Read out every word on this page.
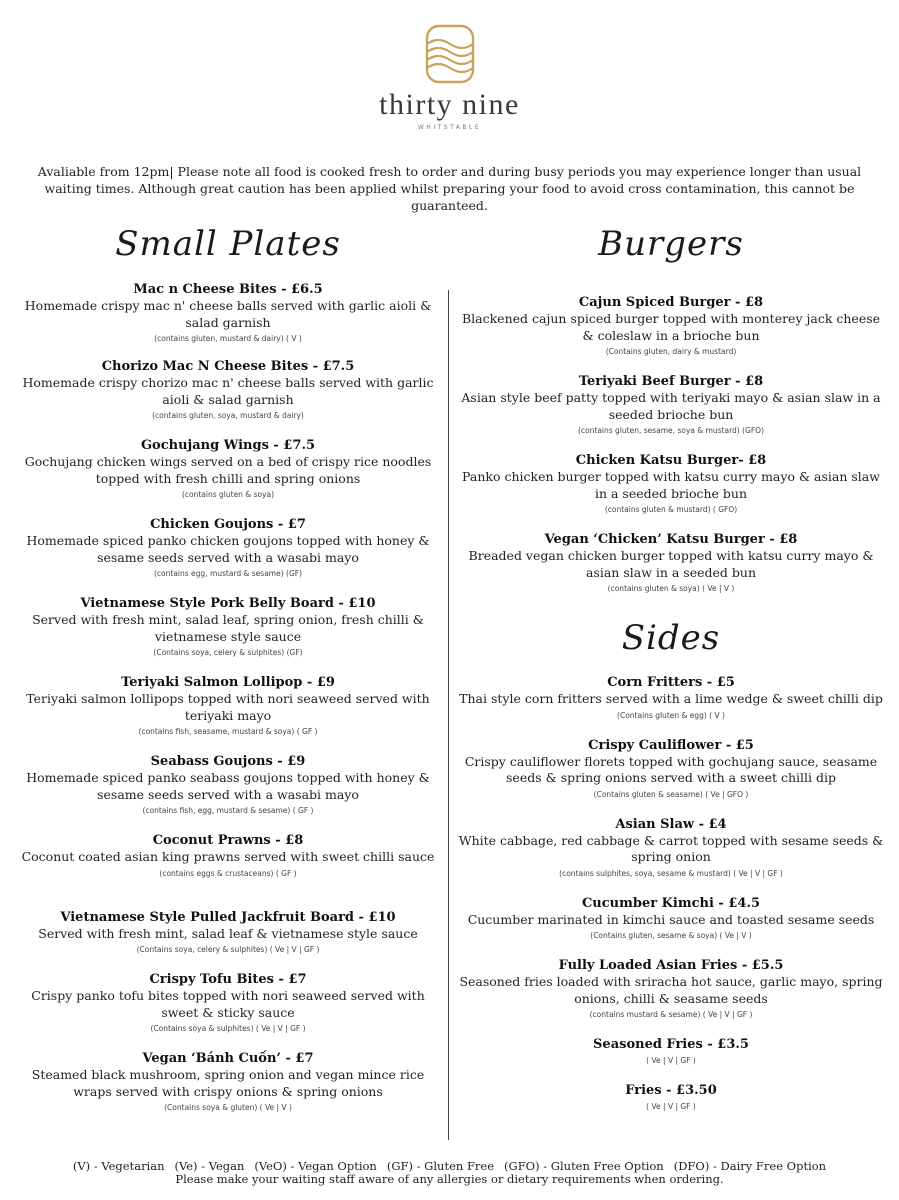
thirty nine
WHITSTABLE
Avaliable from 12pm| Please note all food is cooked fresh to order and during busy periods you may experience longer than usual waiting times. Although great caution has been applied whilst preparing your food to avoid cross contamination, this cannot be guaranteed.
Small Plates
Mac n Cheese Bites - £6.5
Homemade crispy mac n' cheese balls served with garlic aioli & salad garnish
(contains gluten, mustard & dairy) ( V )
Chorizo Mac N Cheese Bites - £7.5
Homemade crispy chorizo mac n' cheese balls served with garlic aioli & salad garnish
(contains gluten, soya, mustard & dairy)
Gochujang Wings - £7.5
Gochujang chicken wings served on a bed of crispy rice noodles topped with fresh chilli and spring onions
(contains gluten & soya)
Chicken Goujons - £7
Homemade spiced panko chicken goujons topped with honey & sesame seeds served with a wasabi mayo
(contains egg, mustard & sesame) (GF)
Vietnamese Style Pork Belly Board - £10
Served with fresh mint, salad leaf, spring onion, fresh chilli & vietnamese style sauce
(Contains soya, celery & sulphites) (GF)
Teriyaki Salmon Lollipop - £9
Teriyaki salmon lollipops topped with nori seaweed served with teriyaki mayo
(contains fish, seasame, mustard & soya) ( GF )
Seabass Goujons - £9
Homemade spiced panko seabass goujons topped with honey & sesame seeds served with a wasabi mayo
(contains fish, egg, mustard & sesame) ( GF )
Coconut Prawns - £8
Coconut coated asian king prawns served with sweet chilli sauce
(contains eggs & crustaceans) ( GF )
Vietnamese Style Pulled Jackfruit Board - £10
Served with fresh mint, salad leaf & vietnamese style sauce
(Contains soya, celery & sulphites) ( Ve | V | GF )
Crispy Tofu Bites - £7
Crispy panko tofu bites topped with nori seaweed served with sweet & sticky sauce
(Contains soya & sulphites) ( Ve | V | GF )
Vegan ‘Bánh Cuốn’ - £7
Steamed black mushroom, spring onion and vegan mince rice wraps served with crispy onions & spring onions
(Contains soya & gluten) ( Ve | V )
Burgers
Cajun Spiced Burger - £8
Blackened cajun spiced burger topped with monterey jack cheese & coleslaw in a brioche bun
(Contains gluten, dairy & mustard)
Teriyaki Beef Burger - £8
Asian style beef patty topped with teriyaki mayo & asian slaw in a seeded brioche bun
(contains gluten, sesame, soya & mustard) (GFO)
Chicken Katsu Burger- £8
Panko chicken burger topped with katsu curry mayo & asian slaw in a seeded brioche bun
(contains gluten & mustard) ( GFO)
Vegan ‘Chicken’ Katsu Burger - £8
Breaded vegan chicken burger topped with katsu curry mayo & asian slaw in a seeded bun
(contains gluten & soya) ( Ve | V )
Sides
Corn Fritters - £5
Thai style corn fritters served with a lime wedge & sweet chilli dip
(Contains gluten & egg) ( V )
Crispy Cauliflower - £5
Crispy cauliflower florets topped with gochujang sauce, seasame seeds & spring onions served with a sweet chilli dip
(Contains gluten & seasame) ( Ve | GFO )
Asian Slaw - £4
White cabbage, red cabbage & carrot topped with sesame seeds & spring onion
(contains sulphites, soya, sesame & mustard) ( Ve | V | GF )
Cucumber Kimchi - £4.5
Cucumber marinated in kimchi sauce and toasted sesame seeds
(Contains gluten, sesame & soya) ( Ve | V )
Fully Loaded Asian Fries - £5.5
Seasoned fries loaded with sriracha hot sauce, garlic mayo, spring onions, chilli & seasame seeds
(contains mustard & sesame) ( Ve | V | GF )
Seasoned Fries - £3.5
( Ve | V | GF )
Fries - £3.50
( Ve | V | GF )
(V) - Vegetarian (Ve) - Vegan (VeO) - Vegan Option (GF) - Gluten Free (GFO) - Gluten Free Option (DFO) - Dairy Free Option
Please make your waiting staff aware of any allergies or dietary requirements when ordering.
